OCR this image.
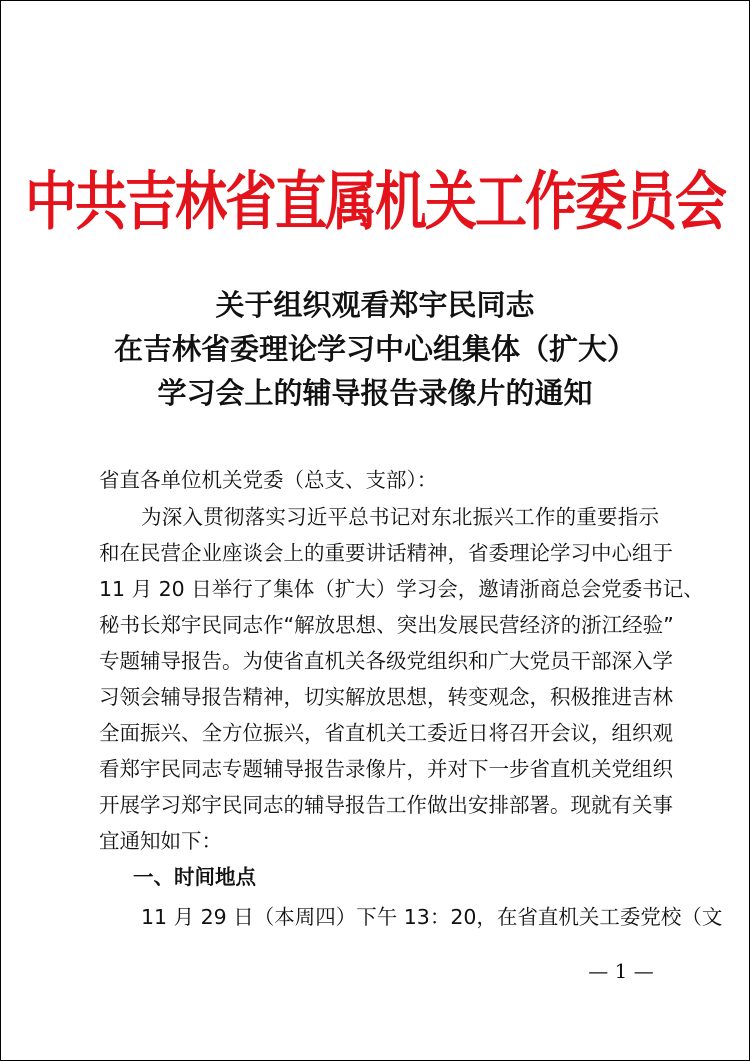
中共吉林省直属机关工作委员会
关于组织观看郑宇民同志
在吉林省委理论学习中心组集体（扩大）
学习会上的辅导报告录像片的通知
省直各单位机关党委（总支、支部）：
为深入贯彻落实习近平总书记对东北振兴工作的重要指示
和在民营企业座谈会上的重要讲话精神，省委理论学习中心组于
11 月 20 日举行了集体（扩大）学习会，邀请浙商总会党委书记、
秘书长郑宇民同志作“解放思想、突出发展民营经济的浙江经验”
专题辅导报告。为使省直机关各级党组织和广大党员干部深入学
习领会辅导报告精神，切实解放思想，转变观念，积极推进吉林
全面振兴、全方位振兴，省直机关工委近日将召开会议，组织观
看郑宇民同志专题辅导报告录像片，并对下一步省直机关党组织
开展学习郑宇民同志的辅导报告工作做出安排部署。现就有关事
宜通知如下：
一、时间地点
11 月 29 日（本周四）下午 13：20，在省直机关工委党校（文
— 1 —
